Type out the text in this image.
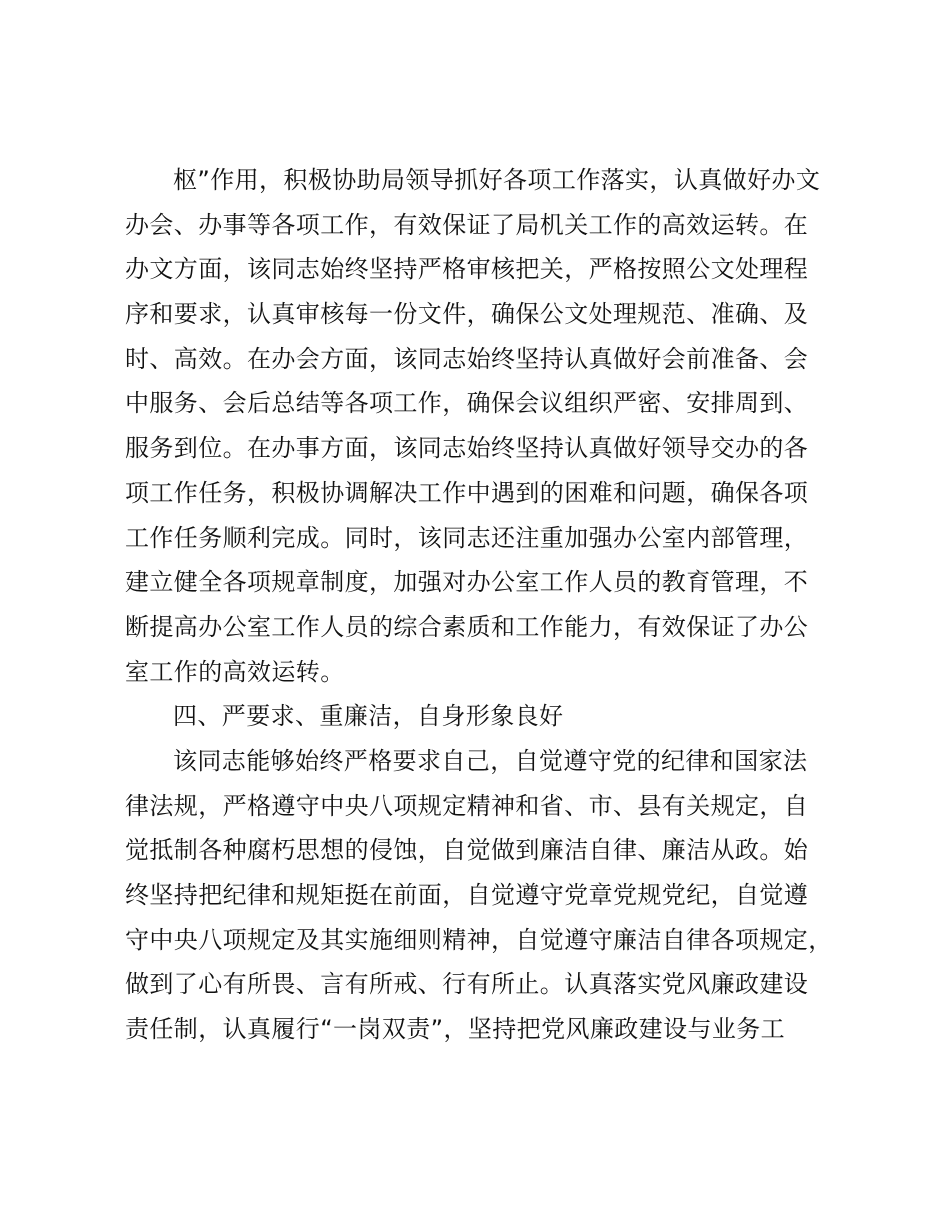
枢”作用，积极协助局领导抓好各项工作落实，认真做好办文
办会、办事等各项工作，有效保证了局机关工作的高效运转。在
办文方面，该同志始终坚持严格审核把关，严格按照公文处理程
序和要求，认真审核每一份文件，确保公文处理规范、准确、及
时、高效。在办会方面，该同志始终坚持认真做好会前准备、会
中服务、会后总结等各项工作，确保会议组织严密、安排周到、
服务到位。在办事方面，该同志始终坚持认真做好领导交办的各
项工作任务，积极协调解决工作中遇到的困难和问题，确保各项
工作任务顺利完成。同时，该同志还注重加强办公室内部管理，
建立健全各项规章制度，加强对办公室工作人员的教育管理，不
断提高办公室工作人员的综合素质和工作能力，有效保证了办公
室工作的高效运转。
四、严要求、重廉洁，自身形象良好
该同志能够始终严格要求自己，自觉遵守党的纪律和国家法
律法规，严格遵守中央八项规定精神和省、市、县有关规定，自
觉抵制各种腐朽思想的侵蚀，自觉做到廉洁自律、廉洁从政。始
终坚持把纪律和规矩挺在前面，自觉遵守党章党规党纪，自觉遵
守中央八项规定及其实施细则精神，自觉遵守廉洁自律各项规定，
做到了心有所畏、言有所戒、行有所止。认真落实党风廉政建设
责任制，认真履行“一岗双责”，坚持把党风廉政建设与业务工
